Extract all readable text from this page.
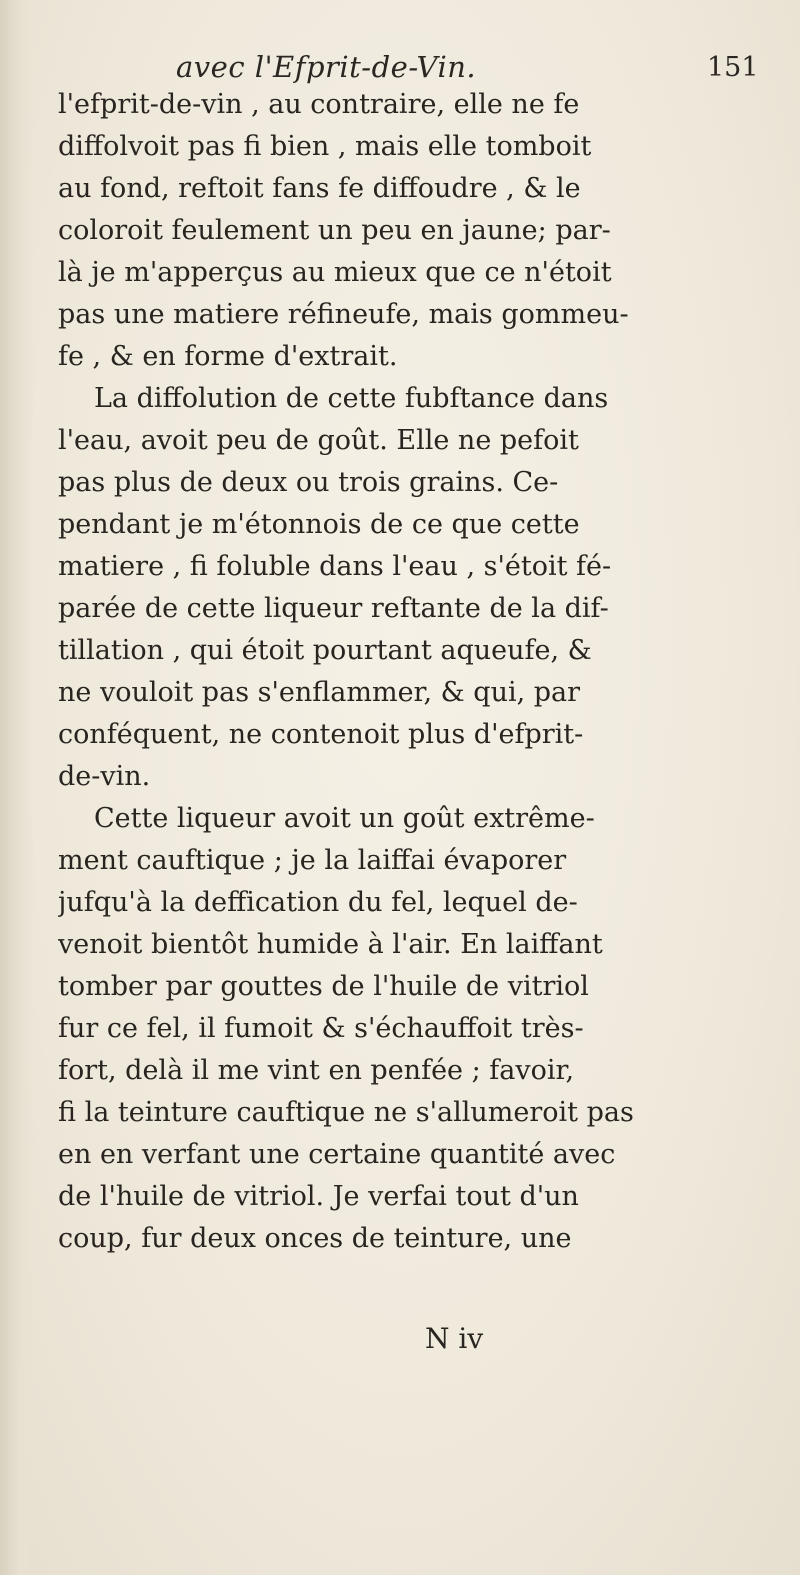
avec l'Efprit-de-Vin.	151
l'efprit-de-vin , au contraire, elle ne fe
diffolvoit pas fi bien , mais elle tomboit
au fond, reftoit fans fe diffoudre , & le
coloroit feulement un peu en jaune; par-
là je m'apperçus au mieux que ce n'étoit
pas une matiere réfineufe, mais gommeu-
fe , & en forme d'extrait.
La diffolution de cette fubftance dans
l'eau, avoit peu de goût. Elle ne pefoit
pas plus de deux ou trois grains. Ce-
pendant je m'étonnois de ce que cette
matiere , fi foluble dans l'eau , s'étoit fé-
parée de cette liqueur reftante de la dif-
tillation , qui étoit pourtant aqueufe, &
ne vouloit pas s'enflammer, & qui, par
conféquent, ne contenoit plus d'efprit-
de-vin.
Cette liqueur avoit un goût extrême-
ment cauftique ; je la laiffai évaporer
jufqu'à la deffication du fel, lequel de-
venoit bientôt humide à l'air. En laiffant
tomber par gouttes de l'huile de vitriol
fur ce fel, il fumoit & s'échauffoit très-
fort, delà il me vint en penfée ; favoir,
fi la teinture cauftique ne s'allumeroit pas
en en verfant une certaine quantité avec
de l'huile de vitriol. Je verfai tout d'un
coup, fur deux onces de teinture, une
N iv
